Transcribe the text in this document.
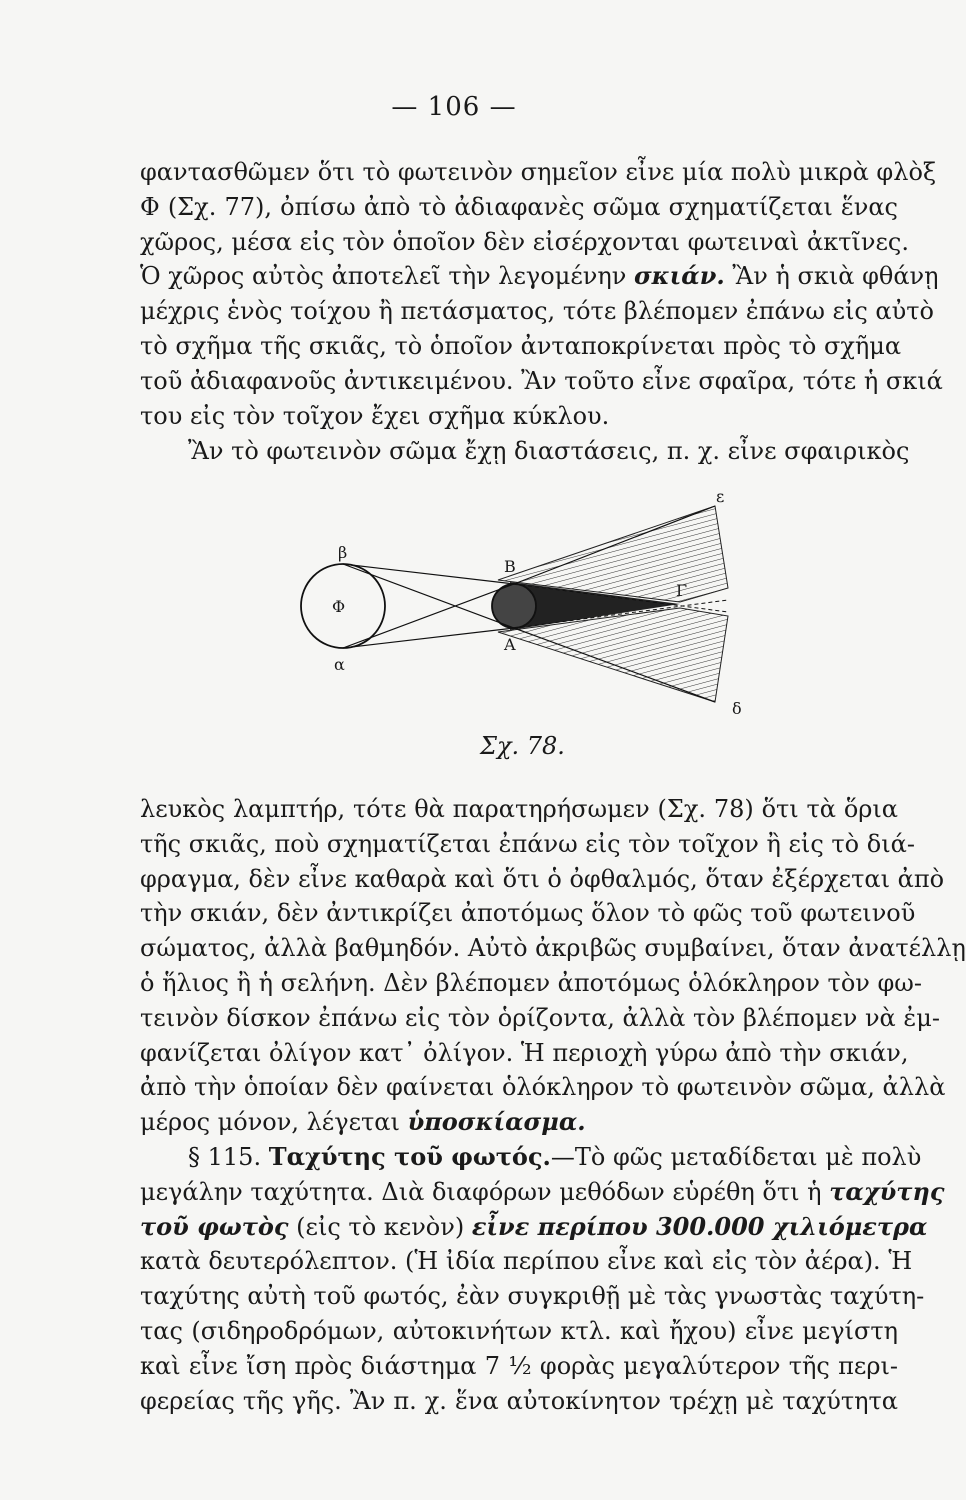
— 106 —
φαντασθῶμεν ὅτι τὸ φωτεινὸν σημεῖον εἶνε μία πολὺ μικρὰ φλὸξ
Φ (Σχ. 77), ὀπίσω ἀπὸ τὸ ἀδιαφανὲς σῶμα σχηματίζεται ἕνας
χῶρος, μέσα εἰς τὸν ὁποῖον δὲν εἰσέρχονται φωτειναὶ ἀκτῖνες.
Ὁ χῶρος αὐτὸς ἀποτελεῖ τὴν λεγομένην σκιάν. Ἂν ἡ σκιὰ φθάνῃ
μέχρις ἑνὸς τοίχου ἢ πετάσματος, τότε βλέπομεν ἐπάνω εἰς αὐτὸ
τὸ σχῆμα τῆς σκιᾶς, τὸ ὁποῖον ἀνταποκρίνεται πρὸς τὸ σχῆμα
τοῦ ἀδιαφανοῦς ἀντικειμένου. Ἂν τοῦτο εἶνε σφαῖρα, τότε ἡ σκιά
του εἰς τὸν τοῖχον ἔχει σχῆμα κύκλου.
Ἂν τὸ φωτεινὸν σῶμα ἔχῃ διαστάσεις, π. χ. εἶνε σφαιρικὸς
β
α
Φ
Β
Α
Γ
ε
δ
Σχ. 78.
λευκὸς λαμπτήρ, τότε θὰ παρατηρήσωμεν (Σχ. 78) ὅτι τὰ ὅρια
τῆς σκιᾶς, ποὺ σχηματίζεται ἐπάνω εἰς τὸν τοῖχον ἢ εἰς τὸ διά-
φραγμα, δὲν εἶνε καθαρὰ καὶ ὅτι ὁ ὀφθαλμός, ὅταν ἐξέρχεται ἀπὸ
τὴν σκιάν, δὲν ἀντικρίζει ἀποτόμως ὅλον τὸ φῶς τοῦ φωτεινοῦ
σώματος, ἀλλὰ βαθμηδόν. Αὐτὸ ἀκριβῶς συμβαίνει, ὅταν ἀνατέλλῃ
ὁ ἥλιος ἢ ἡ σελήνη. Δὲν βλέπομεν ἀποτόμως ὁλόκληρον τὸν φω-
τεινὸν δίσκον ἐπάνω εἰς τὸν ὁρίζοντα, ἀλλὰ τὸν βλέπομεν νὰ ἐμ-
φανίζεται ὀλίγον κατ᾽ ὀλίγον. Ἡ περιοχὴ γύρω ἀπὸ τὴν σκιάν,
ἀπὸ τὴν ὁποίαν δὲν φαίνεται ὁλόκληρον τὸ φωτεινὸν σῶμα, ἀλλὰ
μέρος μόνον, λέγεται ὑποσκίασμα.
§ 115. Ταχύτης τοῦ φωτός.—Τὸ φῶς μεταδίδεται μὲ πολὺ
μεγάλην ταχύτητα. Διὰ διαφόρων μεθόδων εὑρέθη ὅτι ἡ ταχύτης
τοῦ φωτὸς (εἰς τὸ κενὸν) εἶνε περίπου 300.000 χιλιόμετρα
κατὰ δευτερόλεπτον. (Ἡ ἰδία περίπου εἶνε καὶ εἰς τὸν ἀέρα). Ἡ
ταχύτης αὐτὴ τοῦ φωτός, ἐὰν συγκριθῇ μὲ τὰς γνωστὰς ταχύτη-
τας (σιδηροδρόμων, αὐτοκινήτων κτλ. καὶ ἤχου) εἶνε μεγίστη
καὶ εἶνε ἴση πρὸς διάστημα 7 ½ φορὰς μεγαλύτερον τῆς περι-
φερείας τῆς γῆς. Ἂν π. χ. ἕνα αὐτοκίνητον τρέχῃ μὲ ταχύτητα
